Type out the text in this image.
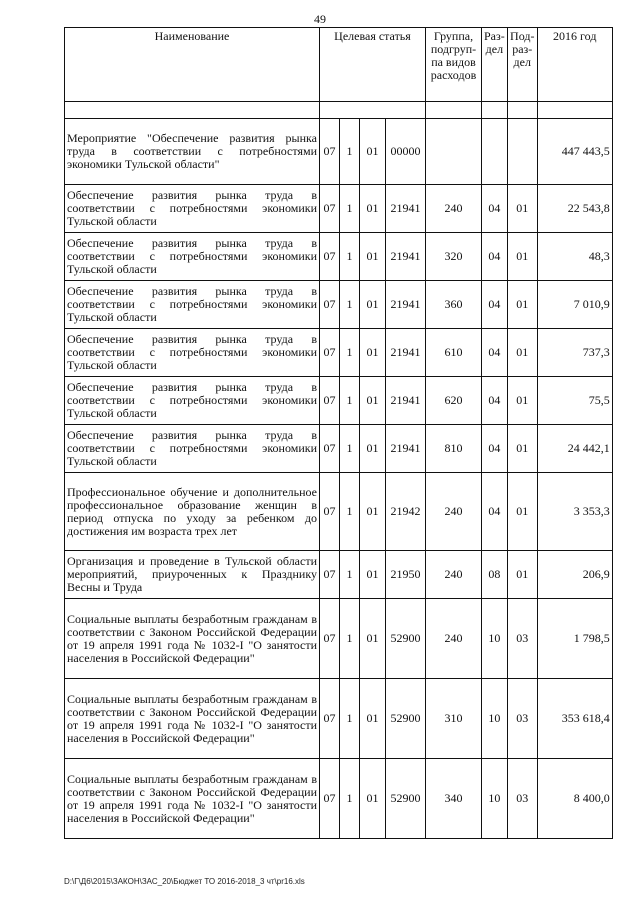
49
Наименование	Целевая статья				Группа, подгруп-па видов расходов	Раз-дел	Под-раз-дел	2016 год

Мероприятие "Обеспечение развития рынка труда в соответствии с потребностями экономики Тульской области"	07	1	01	00000				447 443,5
Обеспечение развития рынка труда в соответствии с потребностями экономики Тульской области	07	1	01	21941	240	04	01	22 543,8
Обеспечение развития рынка труда в соответствии с потребностями экономики Тульской области	07	1	01	21941	320	04	01	48,3
Обеспечение развития рынка труда в соответствии с потребностями экономики Тульской области	07	1	01	21941	360	04	01	7 010,9
Обеспечение развития рынка труда в соответствии с потребностями экономики Тульской области	07	1	01	21941	610	04	01	737,3
Обеспечение развития рынка труда в соответствии с потребностями экономики Тульской области	07	1	01	21941	620	04	01	75,5
Обеспечение развития рынка труда в соответствии с потребностями экономики Тульской области	07	1	01	21941	810	04	01	24 442,1
Профессиональное обучение и дополнительное профессиональное образование женщин в период отпуска по уходу за ребенком до достижения им возраста трех лет	07	1	01	21942	240	04	01	3 353,3
Организация и проведение в Тульской области мероприятий, приуроченных к Празднику Весны и Труда	07	1	01	21950	240	08	01	206,9
Социальные выплаты безработным гражданам в соответствии с Законом Российской Федерации от 19 апреля 1991 года № 1032-I "О занятости населения в Российской Федерации"	07	1	01	52900	240	10	03	1 798,5
Социальные выплаты безработным гражданам в соответствии с Законом Российской Федерации от 19 апреля 1991 года № 1032-I "О занятости населения в Российской Федерации"	07	1	01	52900	310	10	03	353 618,4
Социальные выплаты безработным гражданам в соответствии с Законом Российской Федерации от 19 апреля 1991 года № 1032-I "О занятости населения в Российской Федерации"	07	1	01	52900	340	10	03	8 400,0
D:\Г\Д6\2015\ЗАКОН\ЗАС_20\Бюджет ТО 2016-2018_3 чт\pr16.xls
